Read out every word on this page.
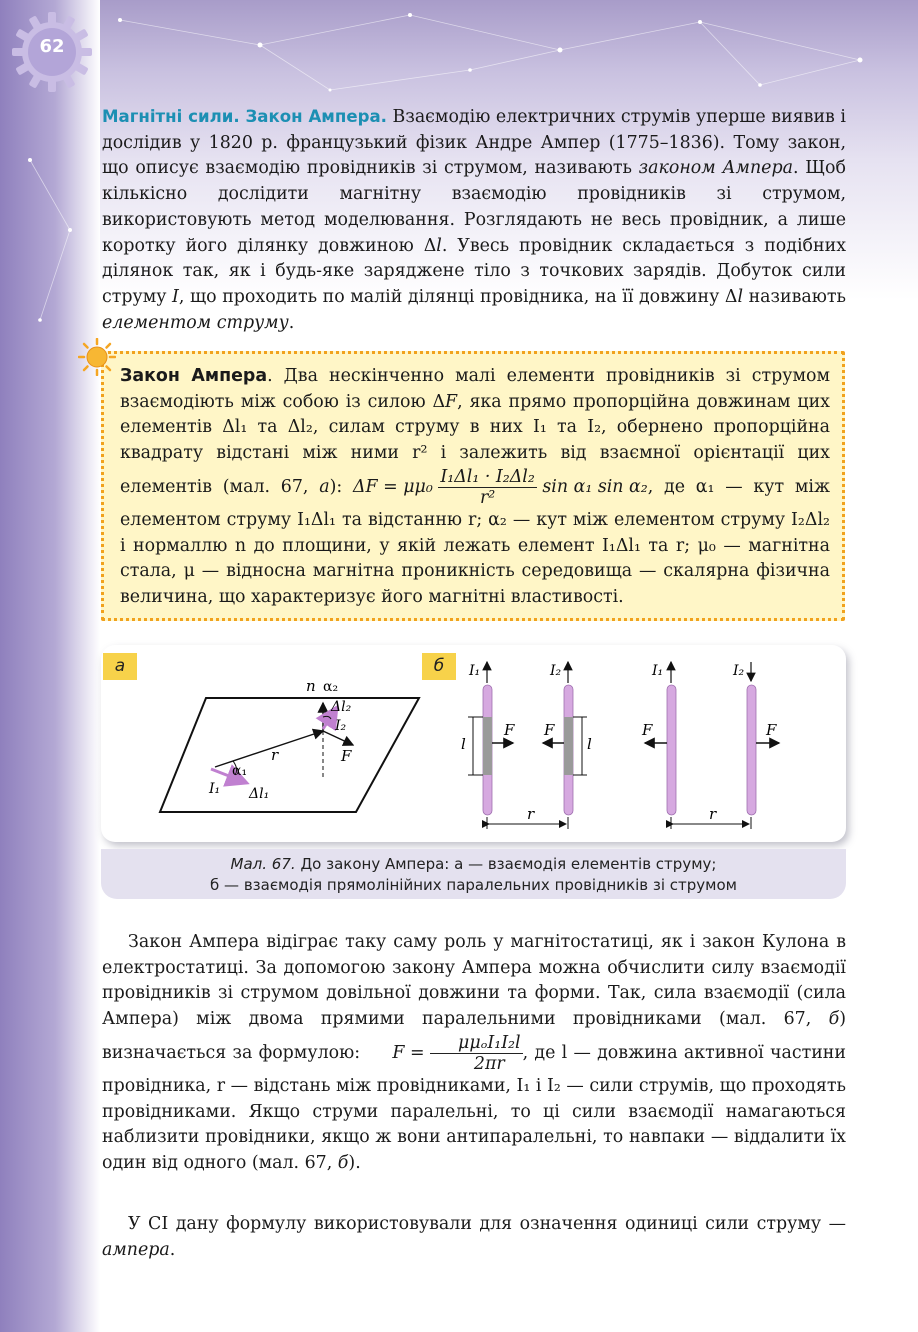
62

Магнітні сили. Закон Ампера. Взаємодію електричних струмів уперше виявив і дослідив у 1820 р. французький фізик Андре Ампер (1775–1836). Тому закон, що описує взаємодію провідників зі струмом, називають законом Ампера. Щоб кількісно дослідити магнітну взаємодію провідників зі струмом, використовують метод моделювання. Розглядають не весь провідник, а лише коротку його ділянку довжиною Δl. Увесь провідник складається з подібних ділянок так, як і будь-яке заряджене тіло з точкових зарядів. Добуток сили струму I, що проходить по малій ділянці провідника, на її довжину Δl називають елементом струму.

Закон Ампера. Два нескінченно малі елементи провідників зі струмом взаємодіють між собою із силою ΔF, яка прямо пропорційна довжинам цих елементів Δl₁ та Δl₂, силам струму в них I₁ та I₂, обернено пропорційна квадрату відстані між ними r² і залежить від взаємної орієнтації цих елементів (мал. 67, а): $\Delta F = \mu\mu_0 \frac{\text{I₁Δl₁ · I₂Δl₂}}{\text{r²}}$ sin α₁ sin α₂, де α₁ — кут між елементом струму I₁Δl₁ та відстанню r; α₂ — кут між елементом струму I₂Δl₂ і нормаллю n до площини, у якій лежать елемент I₁Δl₁ та r; μ₀ — магнітна стала, μ — відносна магнітна проникність середовища — скалярна фізична величина, що характеризує його магнітні властивості.

а	б
n α₂
Δl₂
I₂
r	F
α₁
I₁ Δl₁
I₁	I₂
F F
l	l
r
I₁	I₂
F	F
r
Мал. 67. До закону Ампера: а — взаємодія елементів струму;
б — взаємодія прямолінійних паралельних провідників зі струмом

Закон Ампера відіграє таку саму роль у магнітостатиці, як і закон Кулона в електростатиці. За допомогою закону Ампера можна обчислити силу взаємодії провідників зі струмом довільної довжини та форми. Так, сила взаємодії (сила Ампера) між двома прямими паралельними провідниками (мал. 67, б) визначається за формулою: $F = \frac{\text{μμₒI₁I₂l}}{2\pi r}$ , де l — довжина активної частини провідника, r — відстань між провідниками, I₁ і I₂ — сили струмів, що проходять провідниками. Якщо струми паралельні, то ці сили взаємодії намагаються наблизити провідники, якщо ж вони антипаралельні, то навпаки — віддалити їх один від одного (мал. 67, б).

У СІ дану формулу використовували для означення одиниці сили струму — ампера.
